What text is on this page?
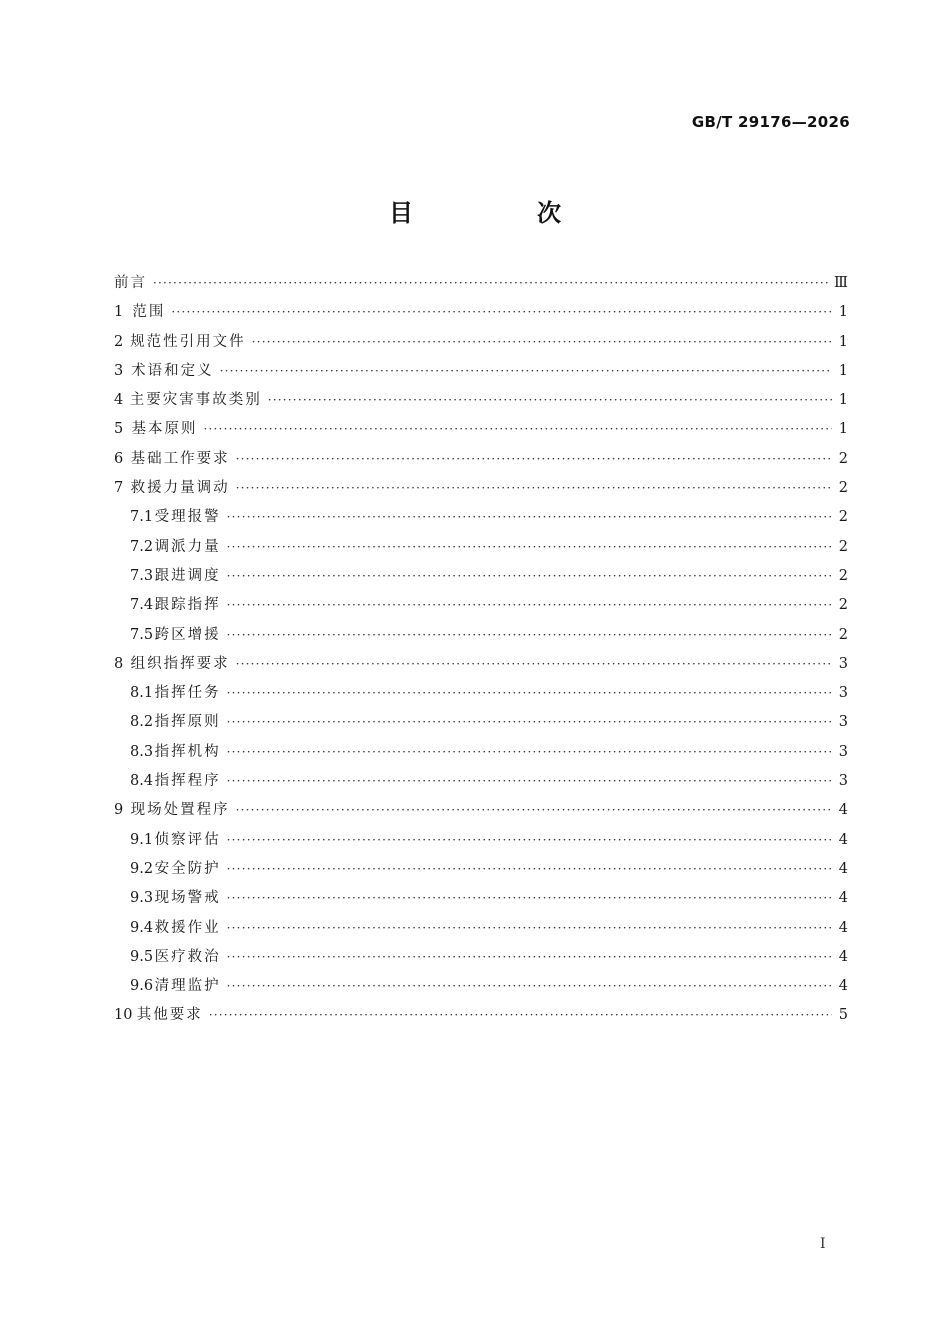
GB/T 29176—2026
目　次
前言 ·····	Ⅲ
1 范围 ·····	1
2 规范性引用文件 ·····	1
3 术语和定义 ·····	1
4 主要灾害事故类别 ·····	1
5 基本原则 ·····	1
6 基础工作要求 ·····	2
7 救援力量调动 ·····	2
7.1 受理报警 ·····	2
7.2 调派力量 ·····	2
7.3 跟进调度 ·····	2
7.4 跟踪指挥 ·····	2
7.5 跨区增援 ·····	2
8 组织指挥要求 ·····	3
8.1 指挥任务 ·····	3
8.2 指挥原则 ·····	3
8.3 指挥机构 ·····	3
8.4 指挥程序 ·····	3
9 现场处置程序 ·····	4
9.1 侦察评估 ·····	4
9.2 安全防护 ·····	4
9.3 现场警戒 ·····	4
9.4 救援作业 ·····	4
9.5 医疗救治 ·····	4
9.6 清理监护 ·····	4
10 其他要求 ·····	5
I
